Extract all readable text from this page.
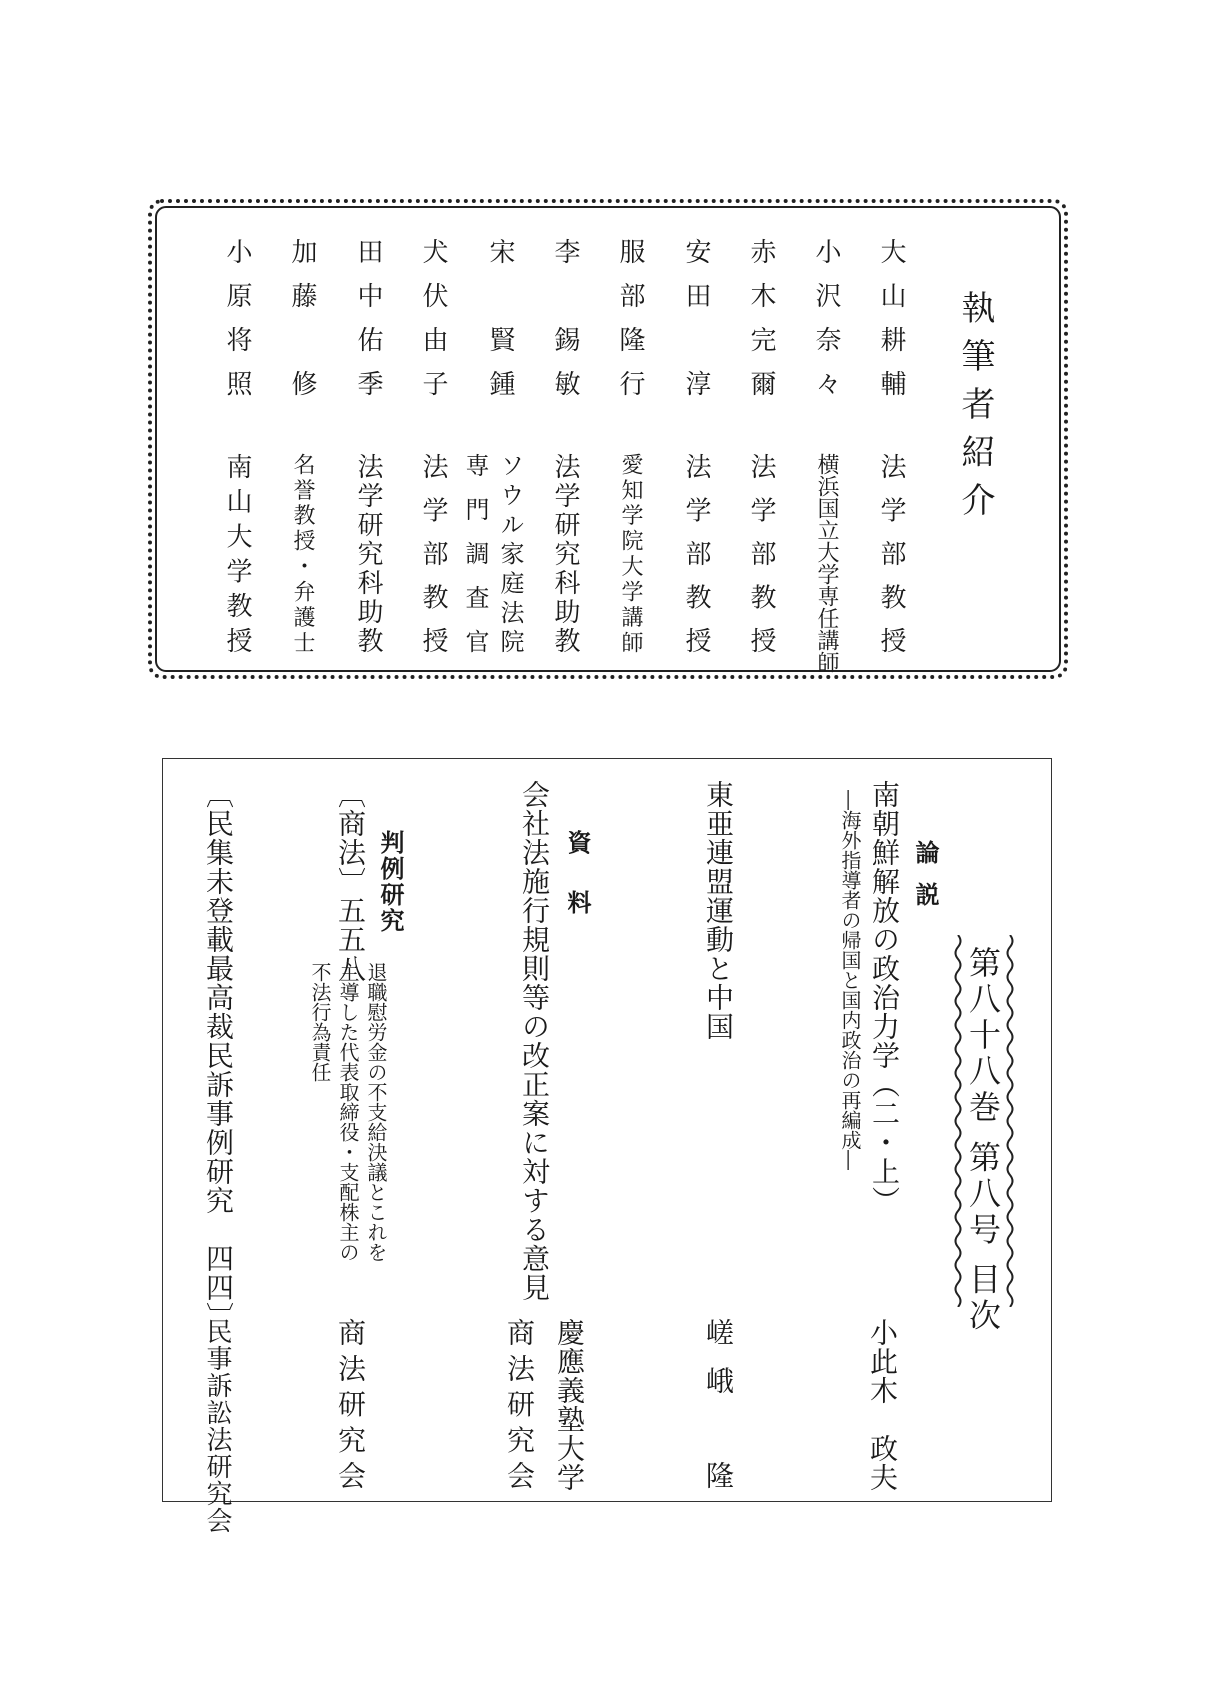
執筆者紹介
大山耕輔
小沢奈々
赤木完爾
安田　淳
服部隆行
李　錫敏
宋　賢鍾
犬伏由子
田中佑季
加藤　修
小原将照
法学部教授
横浜国立大学専任講師
法学部教授
法学部教授
愛知学院大学講師
法学研究科助教
ソウル家庭法院
専門調査官
法学部教授
法学研究科助教
名誉教授・弁護士
南山大学教授
第八十八巻 第八号 目次
論説
南朝鮮解放の政治力学（二・上）
―海外指導者の帰国と国内政治の再編成―
小此木　政夫
東亜連盟運動と中国
嵯峨　隆
資料
会社法施行規則等の改正案に対する意見
慶應義塾大学
商法研究会
判例研究
〔商法〕五五八
退職慰労金の不支給決議とこれを
主導した代表取締役・支配株主の
不法行為責任
商法研究会
〔民集未登載最高裁民訴事例研究　四四〕
民事訴訟法研究会
